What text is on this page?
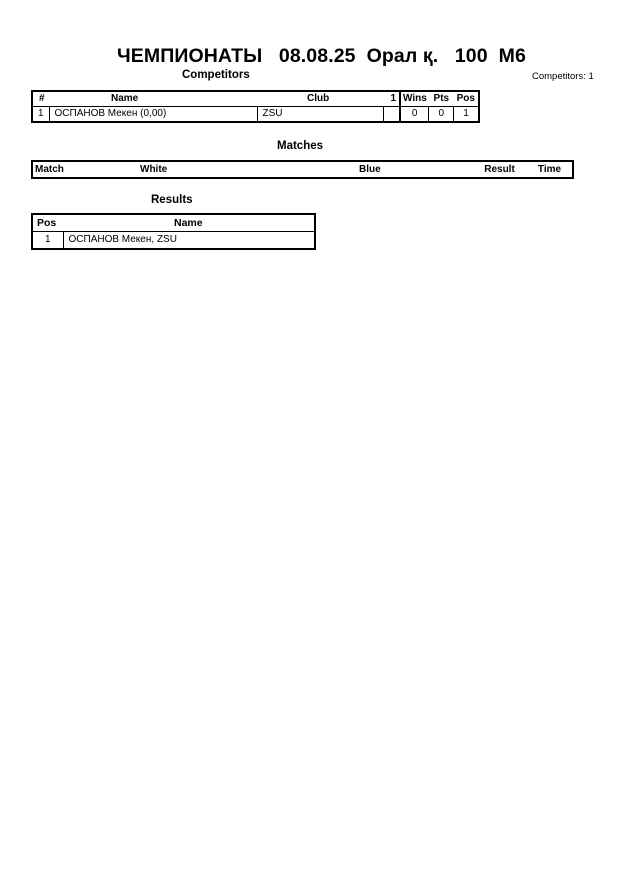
ЧЕМПИОНАТЫ   08.08.25  Орал қ.   100  М6
Competitors: 1
Competitors
#	Name	Club	1	Wins	Pts	Pos
1	ОСПАНОВ Мекен (0,00)	ZSU		0	0	1
Matches
Match	White	Blue	Result	Time
Results
Pos	Name
1	ОСПАНОВ Мекен, ZSU
